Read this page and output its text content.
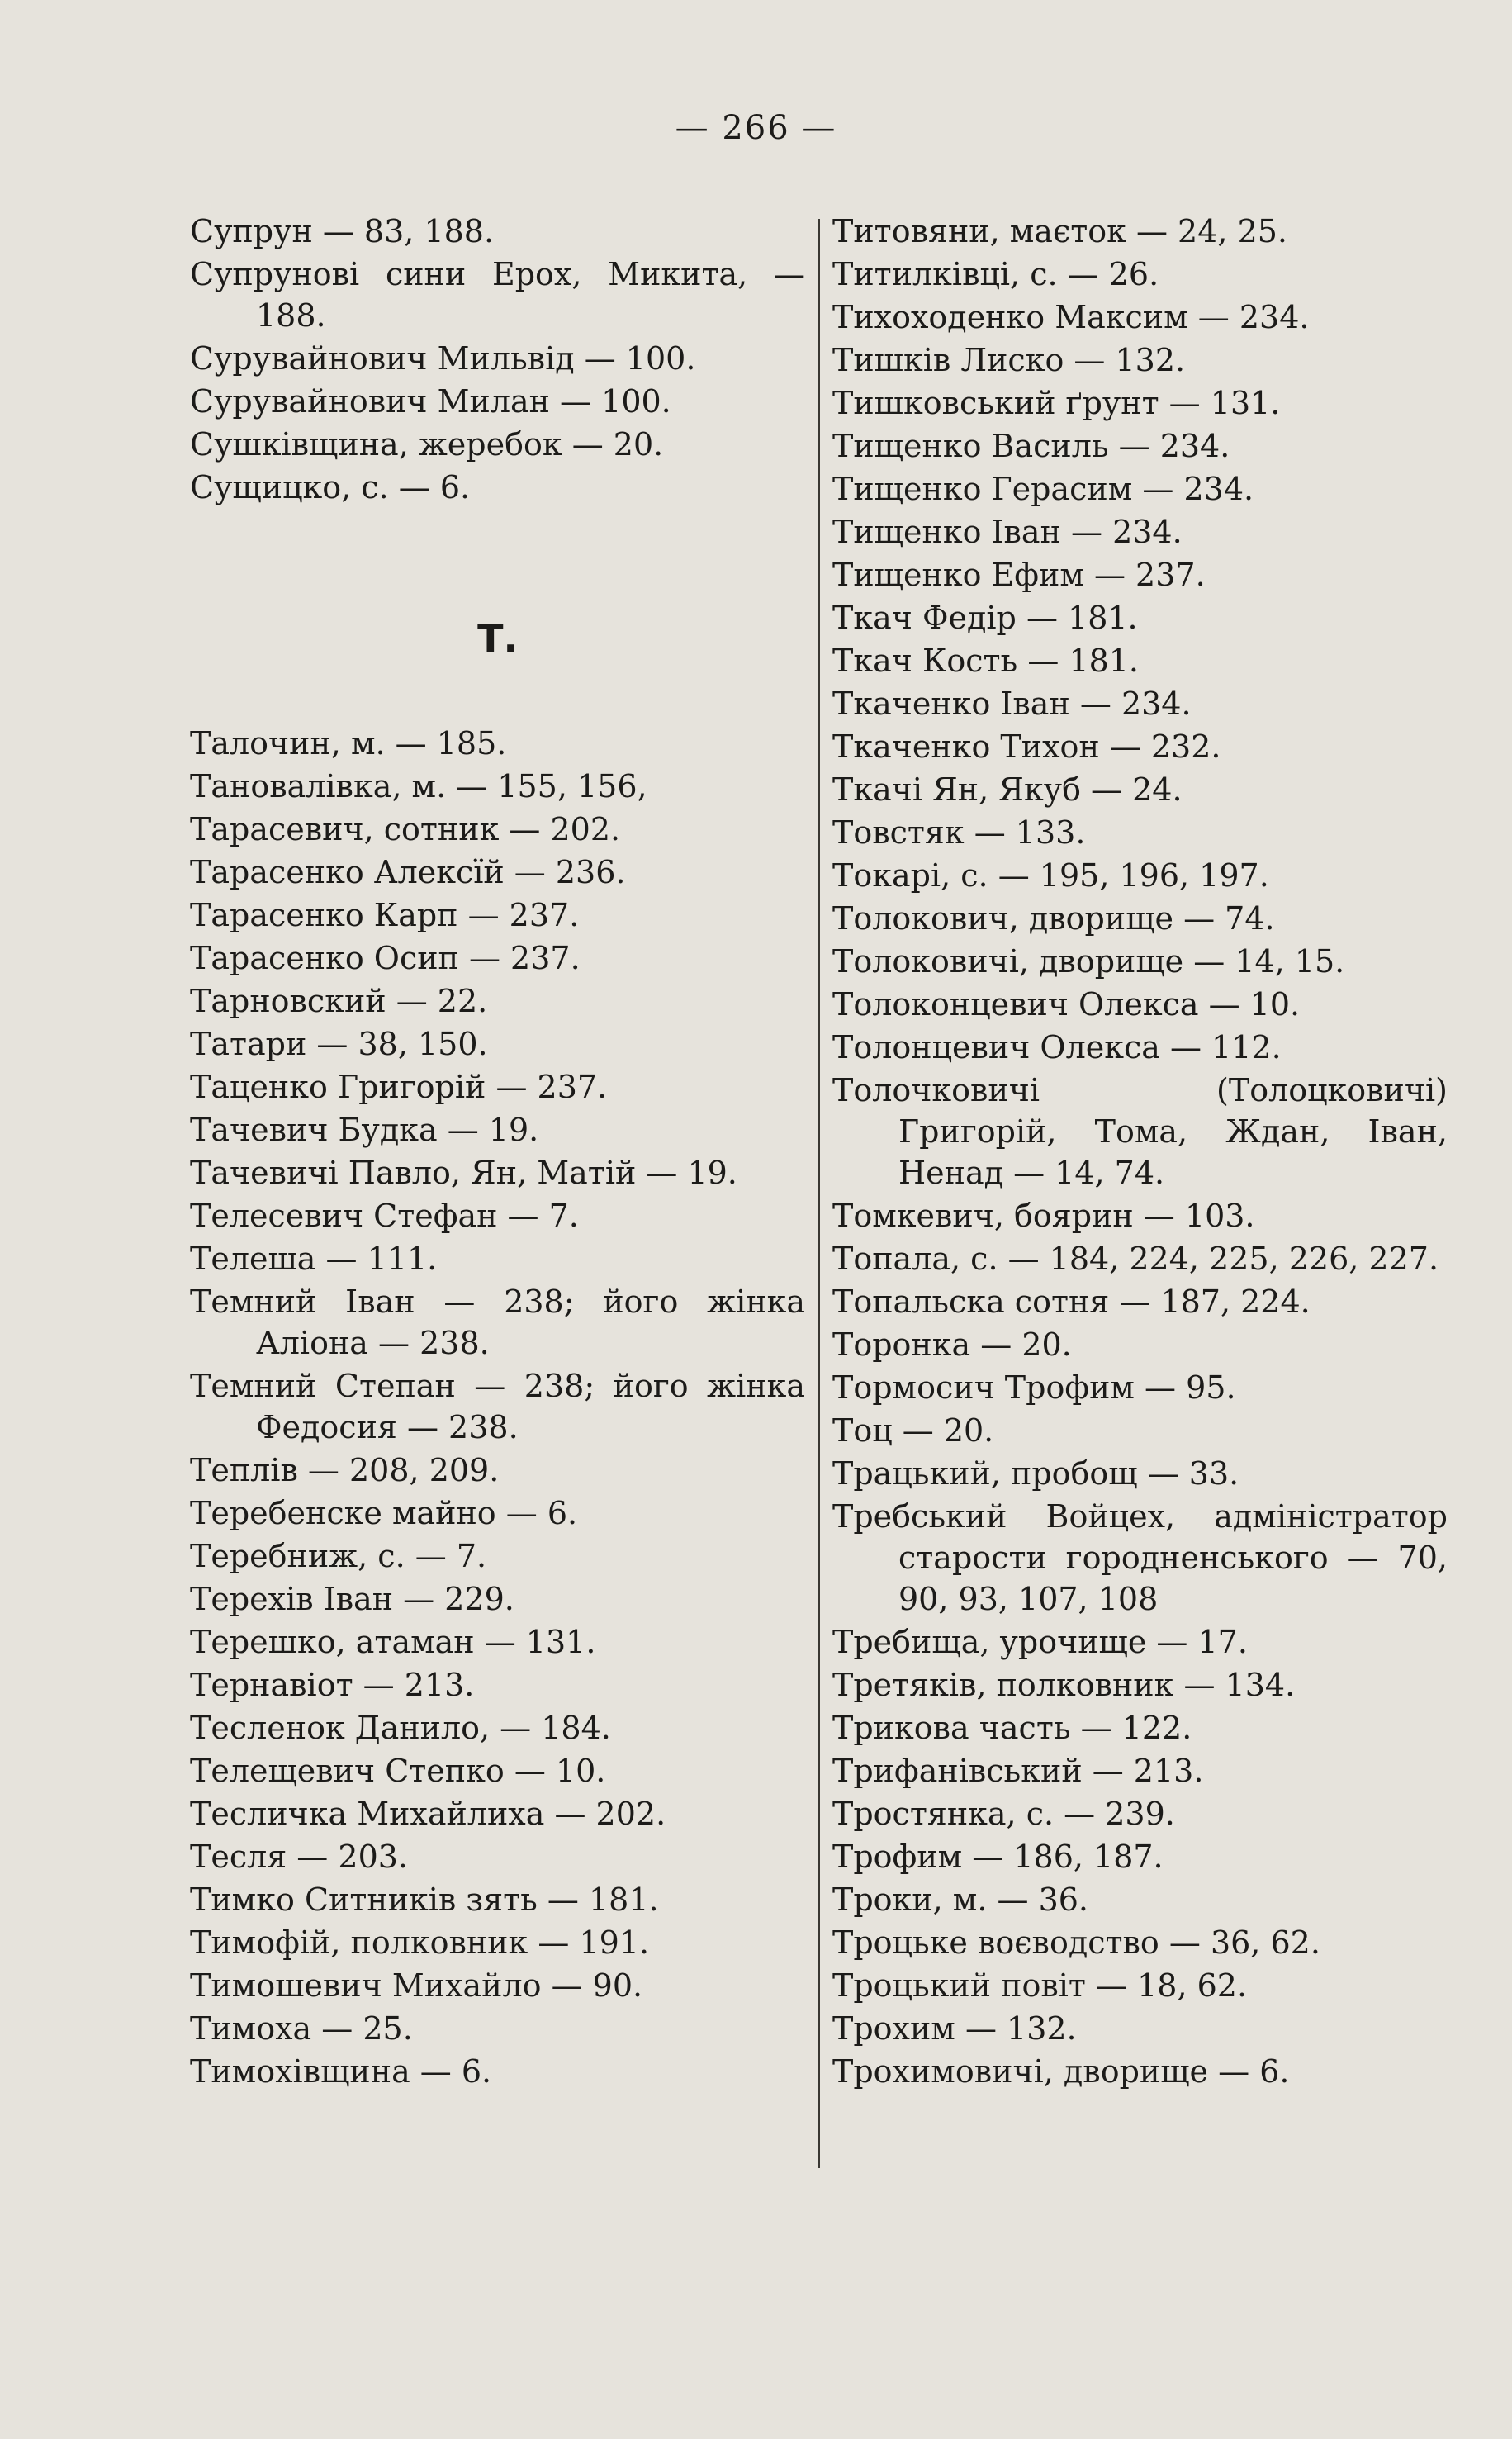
— 266 —
Супрун — 83, 188.
Супрунові сини Ерох, Микита, — 188.
Сурувайнович Мильвід — 100.
Сурувайнович Милан — 100.
Сушківщина, жеребок — 20.
Сущицко, с. — 6.
Т.
Талочин, м. — 185.
Тановалівка, м. — 155, 156,
Тарасевич, сотник — 202.
Тарасенко Алексїй — 236.
Тарасенко Карп — 237.
Тарасенко Осип — 237.
Тарновский — 22.
Татари — 38, 150.
Таценко Григорій — 237.
Тачевич Будка — 19.
Тачевичі Павло, Ян, Матій — 19.
Телесевич Стефан — 7.
Телеша — 111.
Темний Іван — 238; його жінка Аліона — 238.
Темний Степан — 238; його жінка Федосия — 238.
Теплів — 208, 209.
Теребенске майно — 6.
Теребниж, с. — 7.
Терехів Іван — 229.
Терешко, атаман — 131.
Тернавіот — 213.
Тесленок Данило, — 184.
Телещевич Степко — 10.
Тесличка Михайлиха — 202.
Тесля — 203.
Тимко Ситників зять — 181.
Тимофій, полковник — 191.
Тимошевич Михайло — 90.
Тимоха — 25.
Тимохівщина — 6.
Титовяни, маєток — 24, 25.
Титилківці, с. — 26.
Тихоходенко Максим — 234.
Тишків Лиско — 132.
Тишковський ґрунт — 131.
Тищенко Василь — 234.
Тищенко Герасим — 234.
Тищенко Іван — 234.
Тищенко Ефим — 237.
Ткач Федір — 181.
Ткач Кость — 181.
Ткаченко Іван — 234.
Ткаченко Тихон — 232.
Ткачі Ян, Якуб — 24.
Товстяк — 133.
Токарі, с. — 195, 196, 197.
Толокович, дворище — 74.
Толоковичі, дворище — 14, 15.
Толоконцевич Олекса — 10.
Толонцевич Олекса — 112.
Толочковичі (Толоцковичі) Григорій, Тома, Ждан, Іван, Ненад — 14, 74.
Томкевич, боярин — 103.
Топала, с. — 184, 224, 225, 226, 227.
Топальска сотня — 187, 224.
Торонка — 20.
Тормосич Трофим — 95.
Тоц — 20.
Трацький, пробощ — 33.
Требський Войцех, адміністратор старости городненського — 70, 90, 93, 107, 108
Требища, урочище — 17.
Третяків, полковник — 134.
Трикова часть — 122.
Трифанівський — 213.
Тростянка, с. — 239.
Трофим — 186, 187.
Троки, м. — 36.
Троцьке воєводство — 36, 62.
Троцький повіт — 18, 62.
Трохим — 132.
Трохимовичі, дворище — 6.
